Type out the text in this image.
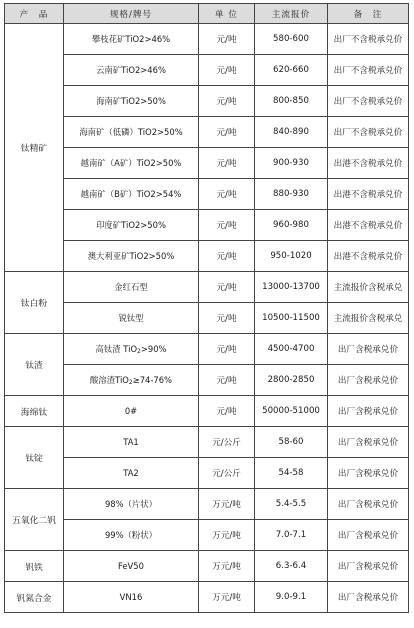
产　品	规格/牌号	单 位	主流报价	备　注
钛精矿	攀枝花矿TiO2>46%	元/吨	580-600	出厂不含税承兑价
	云南矿TiO2>46%	元/吨	620-660	出厂不含税承兑价
	海南矿TiO2>50%	元/吨	800-850	出厂不含税承兑价
	海南矿（低磷）TiO2>50%	元/吨	840-890	出厂不含税承兑价
	越南矿（A矿）TiO2>50%	元/吨	900-930	出港不含税承兑价
	越南矿（B矿）TiO2>54%	元/吨	880-930	出港不含税承兑价
	印度矿TiO2>50%	元/吨	960-980	出港不含税承兑价
	澳大利亚矿TiO2>50%	元/吨	950-1020	出港不含税承兑价
钛白粉	金红石型	元/吨	13000-13700	主流报价含税承兑
	锐钛型	元/吨	10500-11500	主流报价含税承兑
钛渣	高钛渣 TiO$_2$>90%	元/吨	4500-4700	出厂含税承兑价
	酸溶渣TiO$_2$≥74-76%	元/吨	2800-2850	出厂含税承兑价
海绵钛	0#	元/吨	50000-51000	出厂含税承兑价
钛锭	TA1	元/公斤	58-60	出厂含税承兑价
	TA2	元/公斤	54-58	出厂含税承兑价
五氧化二钒	98%（片状）	万元/吨	5.4-5.5	出厂含税承兑价
	99%（粉状）	万元/吨	7.0-7.1	出厂含税承兑价
钒铁	FeV50	万元/吨	6.3-6.4	出厂含税承兑价
钒氮合金	VN16	万元/吨	9.0-9.1	出厂含税承兑价
